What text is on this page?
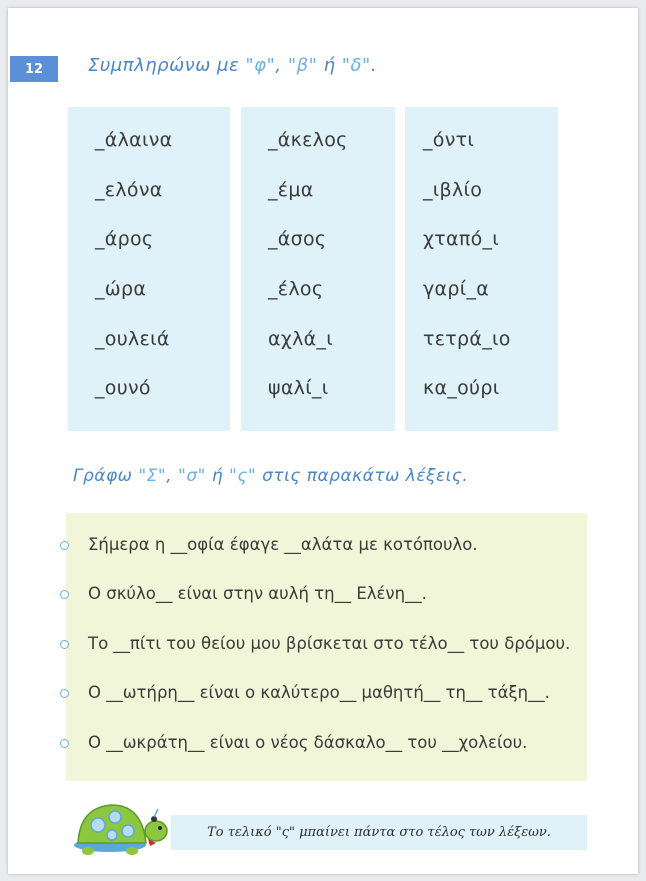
12	Συμπληρώνω με "φ", "β" ή "δ".
_άλαινα
_ελόνα
_άρος
_ώρα
_ουλειά
_ουνό
_άκελος
_έμα
_άσος
_έλος
αχλά_ι
ψαλί_ι
_όντι
_ιβλίο
χταπό_ι
γαρί_α
τετρά_ιο
κα_ούρι
Γράφω "Σ", "σ" ή "ς" στις παρακάτω λέξεις.
Σήμερα η __οφία έφαγε __αλάτα με κοτόπουλο.
Ο σκύλο__ είναι στην αυλή τη__ Ελένη__.
Το __πίτι του θείου μου βρίσκεται στο τέλο__ του δρόμου.
Ο __ωτήρη__ είναι ο καλύτερο__ μαθητή__ τη__ τάξη__.
Ο __ωκράτη__ είναι ο νέος δάσκαλο__ του __χολείου.
Το τελικό "ς" μπαίνει πάντα στο τέλος των λέξεων.
